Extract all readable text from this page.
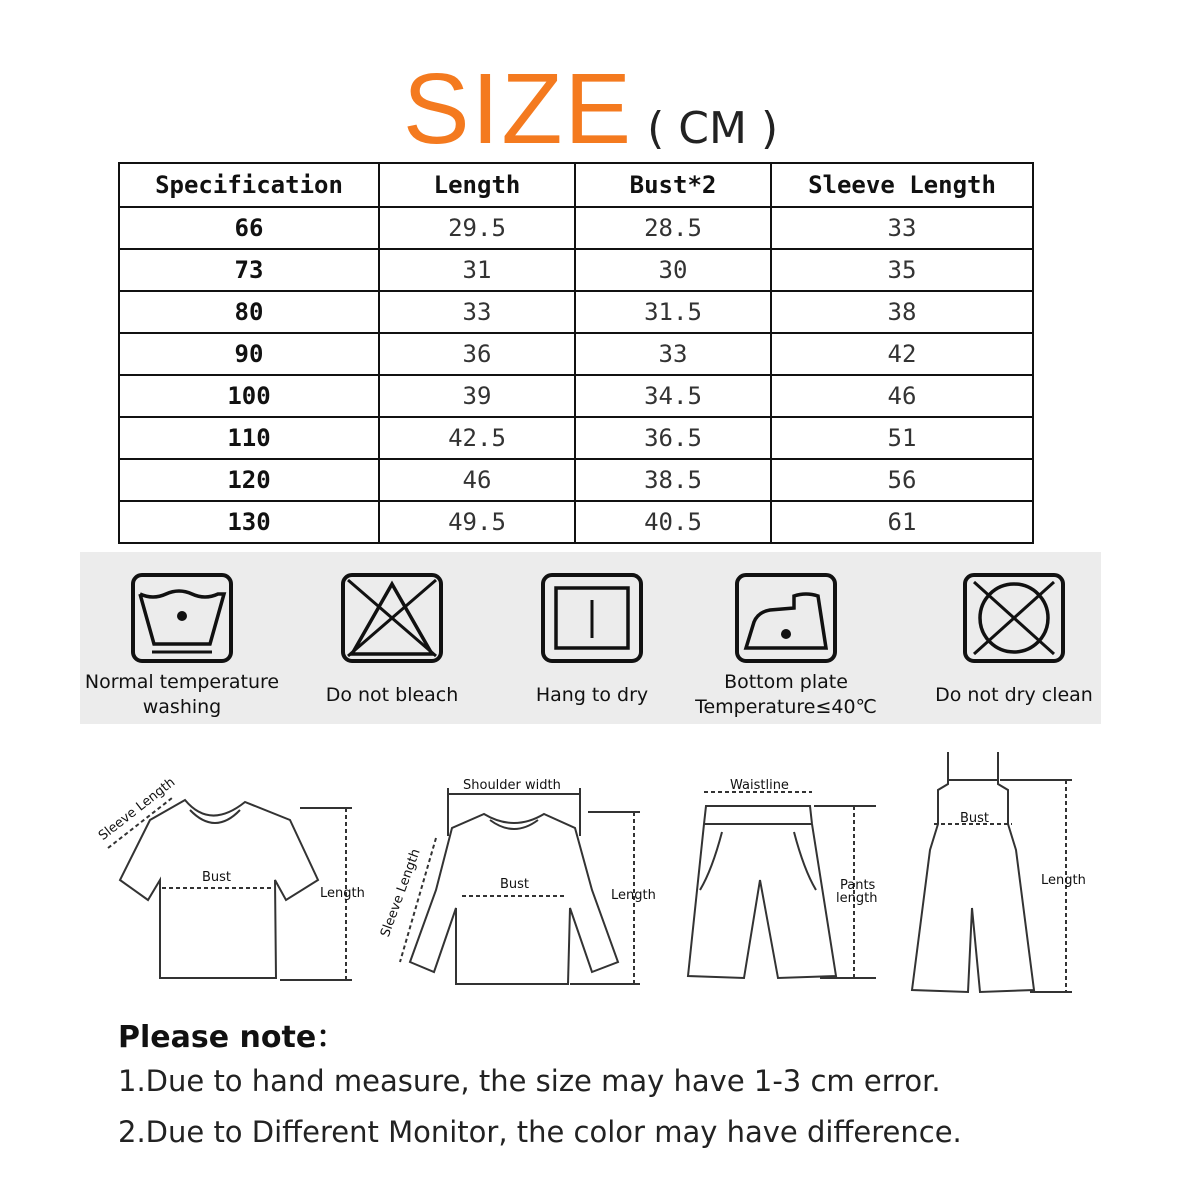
SIZE ( CM )
Specification	Length	Bust*2	Sleeve Length
66	29.5	28.5	33
73	31	30	35
80	33	31.5	38
90	36	33	42
100	39	34.5	46
110	42.5	36.5	51
120	46	38.5	56
130	49.5	40.5	61
Normal temperature
washing
Do not bleach	Hang to dry
Bottom plate
Temperature≤40℃
Do not dry clean
Sleeve Length
Bust
Length
Shoulder width
Sleeve Length	Bust
Length
Waistline
Pants
length
Bust
Length
Please note：
1.Due to hand measure, the size may have 1-3 cm error.
2.Due to Different Monitor, the color may have difference.
